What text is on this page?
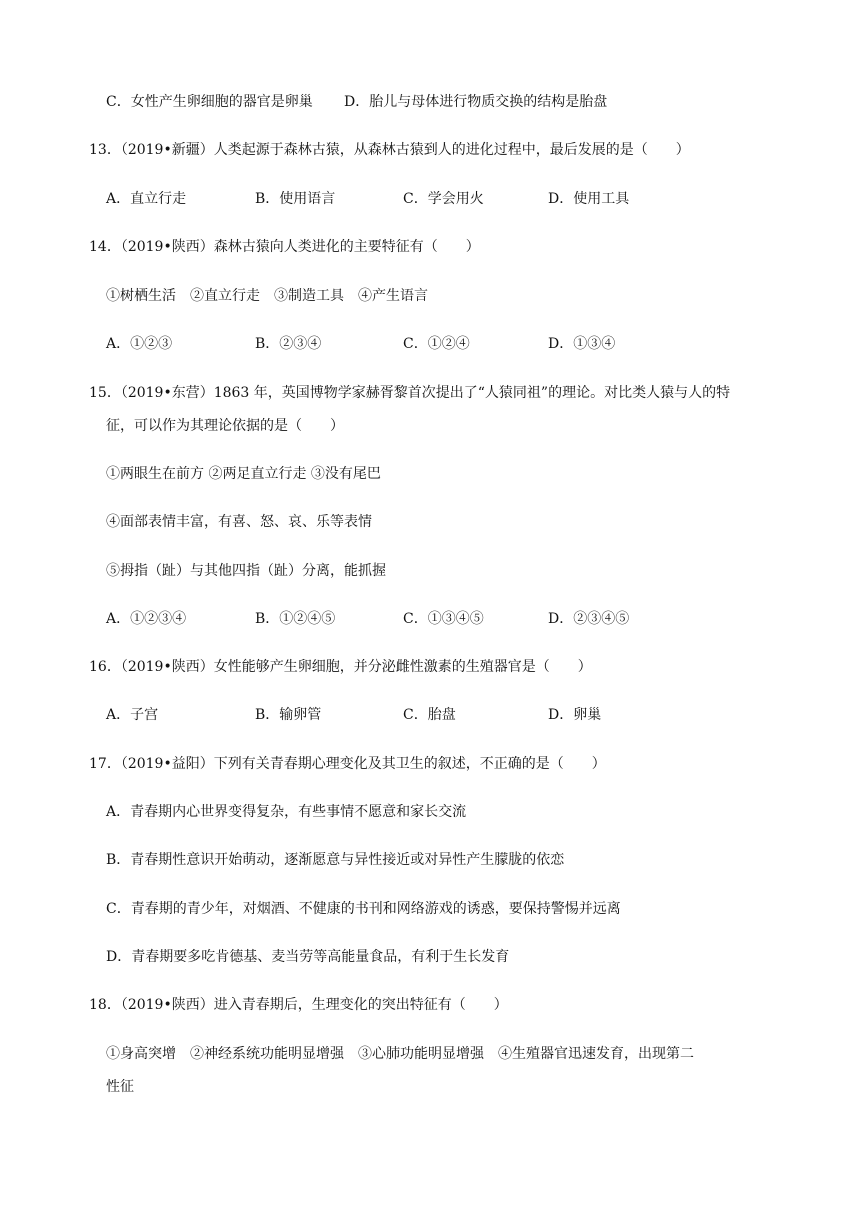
C．女性产生卵细胞的器官是卵巢 D．胎儿与母体进行物质交换的结构是胎盘
13．（2019•新疆）人类起源于森林古猿，从森林古猿到人的进化过程中，最后发展的是（　　）
A．直立行走	B．使用语言	C．学会用火	D．使用工具
14．（2019•陕西）森林古猿向人类进化的主要特征有（　　）
①树栖生活　②直立行走　③制造工具　④产生语言
A．①②③	B．②③④	C．①②④	D．①③④
15．（2019•东营）1863 年，英国博物学家赫胥黎首次提出了“人猿同祖”的理论。对比类人猿与人的特
征，可以作为其理论依据的是（　　）
①两眼生在前方 ②两足直立行走 ③没有尾巴
④面部表情丰富，有喜、怒、哀、乐等表情
⑤拇指（趾）与其他四指（趾）分离，能抓握
A．①②③④	B．①②④⑤	C．①③④⑤	D．②③④⑤
16．（2019•陕西）女性能够产生卵细胞，并分泌雌性激素的生殖器官是（　　）
A．子宫	B．输卵管	C．胎盘	D．卵巢
17．（2019•益阳）下列有关青春期心理变化及其卫生的叙述，不正确的是（　　）
A．青春期内心世界变得复杂，有些事情不愿意和家长交流
B．青春期性意识开始萌动，逐渐愿意与异性接近或对异性产生朦胧的依恋
C．青春期的青少年，对烟酒、不健康的书刊和网络游戏的诱惑，要保持警惕并远离
D．青春期要多吃肯德基、麦当劳等高能量食品，有利于生长发育
18．（2019•陕西）进入青春期后，生理变化的突出特征有（　　）
①身高突增　②神经系统功能明显增强　③心肺功能明显增强　④生殖器官迅速发育，出现第二
性征
